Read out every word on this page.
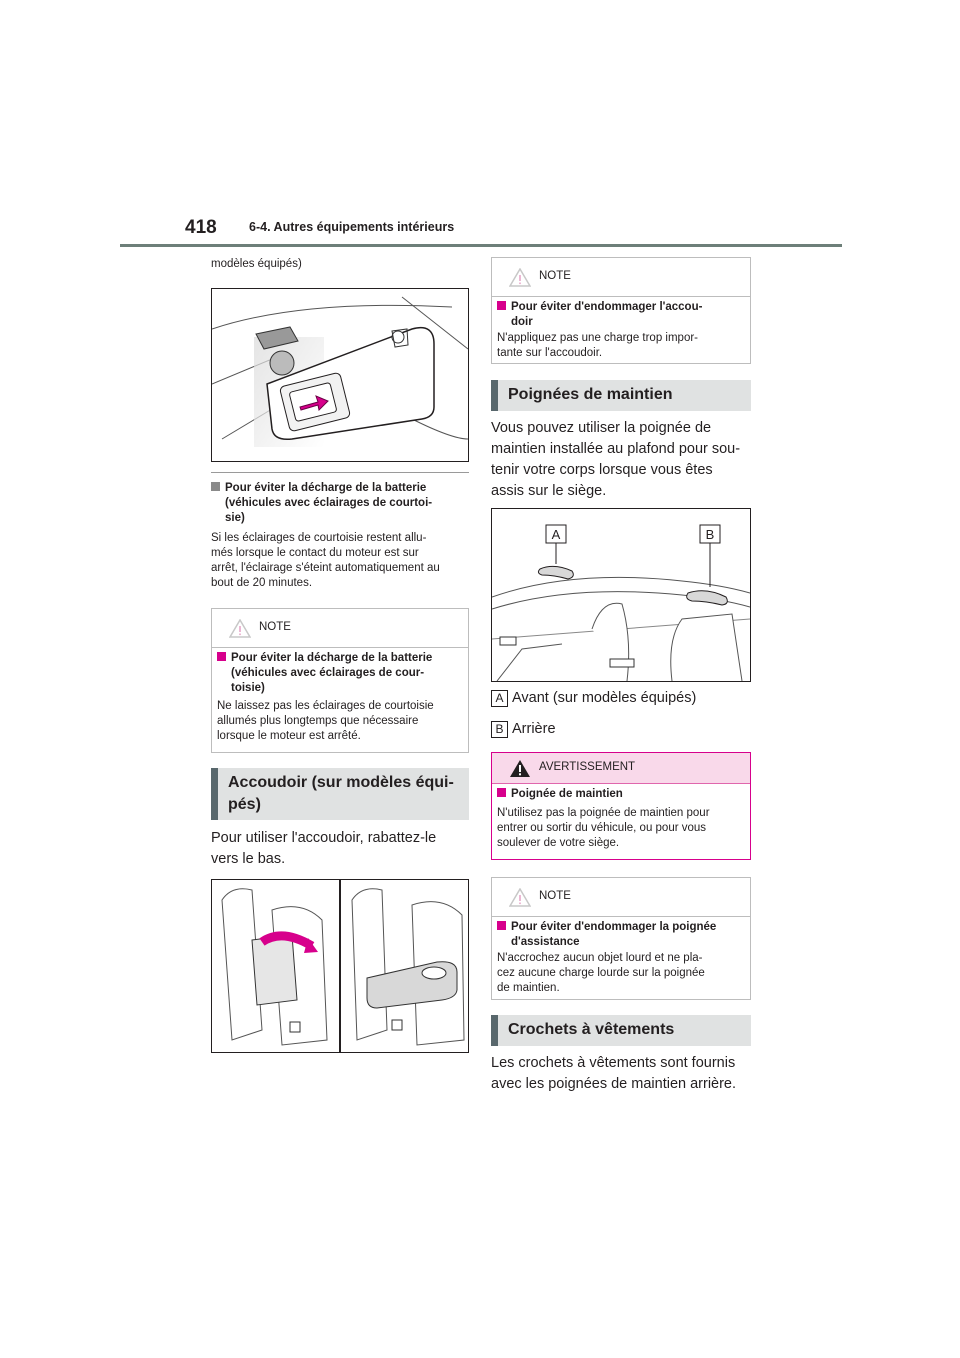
418	6-4. Autres équipements intérieurs
modèles équipés)
Pour éviter la décharge de la batterie
(véhicules avec éclairages de courtoi-
sie)
Si les éclairages de courtoisie restent allu-
més lorsque le contact du moteur est sur
arrêt, l'éclairage s'éteint automatiquement au
bout de 20 minutes.
NOTE
Pour éviter la décharge de la batterie
(véhicules avec éclairages de cour-
toisie)
Ne laissez pas les éclairages de courtoisie
allumés plus longtemps que nécessaire
lorsque le moteur est arrêté.
Accoudoir (sur modèles équi-
pés)
Pour utiliser l'accoudoir, rabattez-le
vers le bas.
NOTE
Pour éviter d'endommager l'accou-
doir
N'appliquez pas une charge trop impor-
tante sur l'accoudoir.
Poignées de maintien
Vous pouvez utiliser la poignée de
maintien installée au plafond pour sou-
tenir votre corps lorsque vous êtes
assis sur le siège.
A	B
A Avant (sur modèles équipés)
B Arrière
AVERTISSEMENT
Poignée de maintien
N'utilisez pas la poignée de maintien pour
entrer ou sortir du véhicule, ou pour vous
soulever de votre siège.
NOTE
Pour éviter d'endommager la poignée
d'assistance
N'accrochez aucun objet lourd et ne pla-
cez aucune charge lourde sur la poignée
de maintien.
Crochets à vêtements
Les crochets à vêtements sont fournis
avec les poignées de maintien arrière.
